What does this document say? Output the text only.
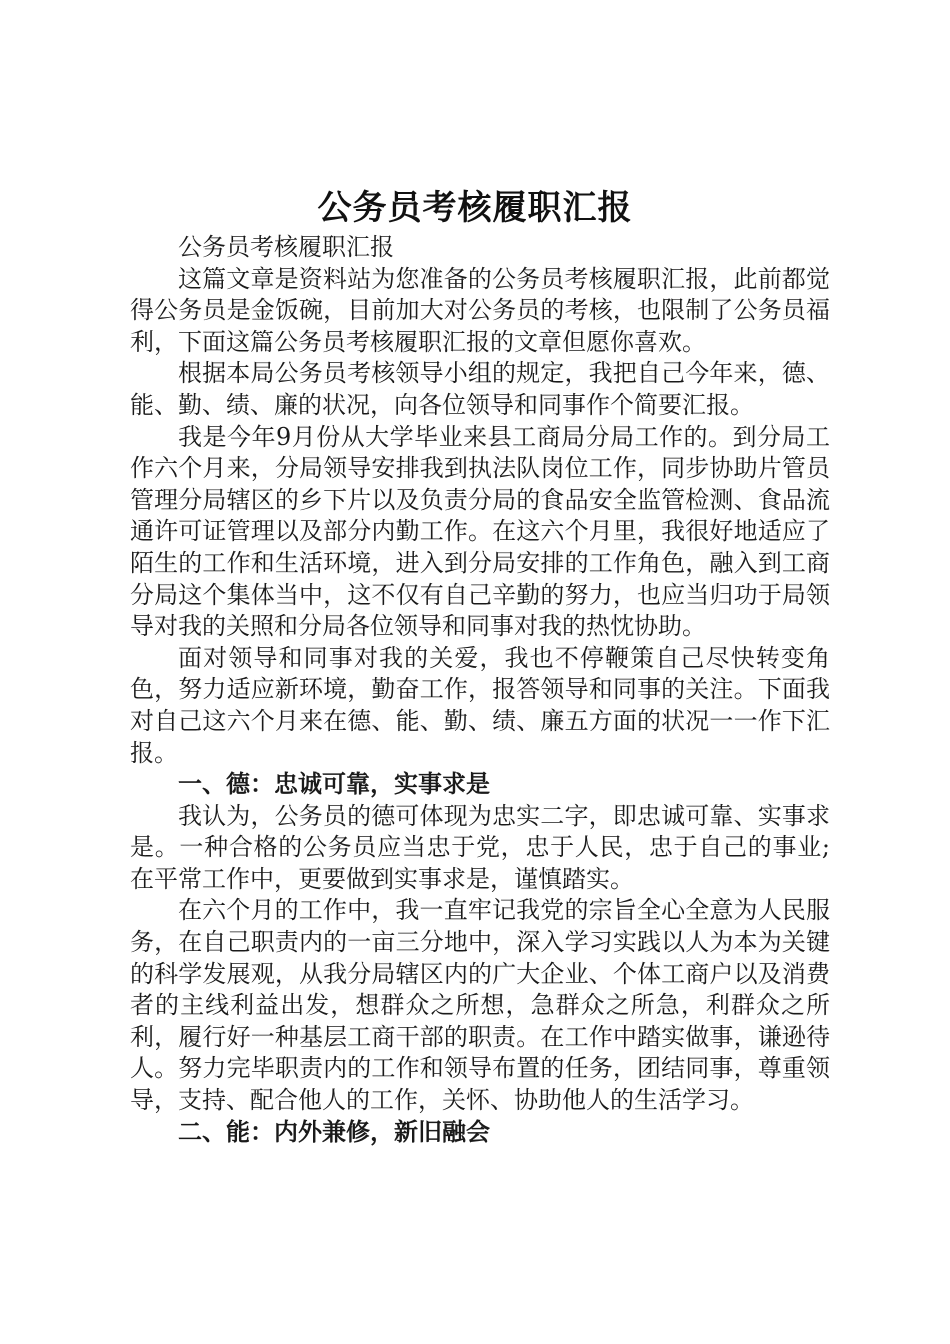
公务员考核履职汇报

公务员考核履职汇报

这篇文章是资料站为您准备的公务员考核履职汇报，此前都觉得公务员是金饭碗，目前加大对公务员的考核，也限制了公务员福利，下面这篇公务员考核履职汇报的文章但愿你喜欢。

根据本局公务员考核领导小组的规定，我把自己今年来，德、能、勤、绩、廉的状况，向各位领导和同事作个简要汇报。

我是今年9月份从大学毕业来县工商局分局工作的。到分局工作六个月来，分局领导安排我到执法队岗位工作，同步协助片管员管理分局辖区的乡下片以及负责分局的食品安全监管检测、食品流通许可证管理以及部分内勤工作。在这六个月里，我很好地适应了陌生的工作和生活环境，进入到分局安排的工作角色，融入到工商分局这个集体当中，这不仅有自己辛勤的努力，也应当归功于局领导对我的关照和分局各位领导和同事对我的热忱协助。

面对领导和同事对我的关爱，我也不停鞭策自己尽快转变角色，努力适应新环境，勤奋工作，报答领导和同事的关注。下面我对自己这六个月来在德、能、勤、绩、廉五方面的状况一一作下汇报。

一、德：忠诚可靠，实事求是

我认为，公务员的德可体现为忠实二字，即忠诚可靠、实事求是。一种合格的公务员应当忠于党，忠于人民，忠于自己的事业;在平常工作中，更要做到实事求是，谨慎踏实。

在六个月的工作中，我一直牢记我党的宗旨全心全意为人民服务，在自己职责内的一亩三分地中，深入学习实践以人为本为关键的科学发展观，从我分局辖区内的广大企业、个体工商户以及消费者的主线利益出发，想群众之所想，急群众之所急，利群众之所利，履行好一种基层工商干部的职责。在工作中踏实做事，谦逊待人。努力完毕职责内的工作和领导布置的任务，团结同事，尊重领导，支持、配合他人的工作，关怀、协助他人的生活学习。

二、能：内外兼修，新旧融会
